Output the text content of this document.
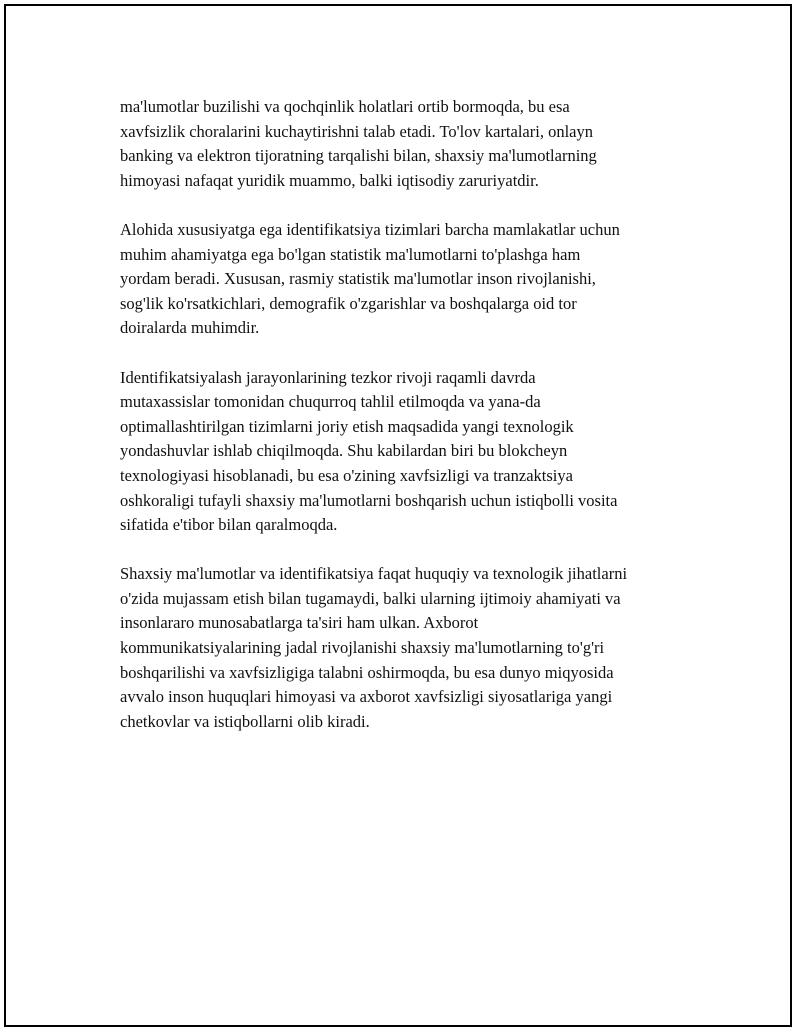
ma'lumotlar buzilishi va qochqinlik holatlari ortib bormoqda, bu esa
xavfsizlik choralarini kuchaytirishni talab etadi. To'lov kartalari, onlayn
banking va elektron tijoratning tarqalishi bilan, shaxsiy ma'lumotlarning
himoyasi nafaqat yuridik muammo, balki iqtisodiy zaruriyatdir.

Alohida xususiyatga ega identifikatsiya tizimlari barcha mamlakatlar uchun
muhim ahamiyatga ega bo'lgan statistik ma'lumotlarni to'plashga ham
yordam beradi. Xususan, rasmiy statistik ma'lumotlar inson rivojlanishi,
sog'lik ko'rsatkichlari, demografik o'zgarishlar va boshqalarga oid tor
doiralarda muhimdir.

Identifikatsiyalash jarayonlarining tezkor rivoji raqamli davrda
mutaxassislar tomonidan chuqurroq tahlil etilmoqda va yana-da
optimallashtirilgan tizimlarni joriy etish maqsadida yangi texnologik
yondashuvlar ishlab chiqilmoqda. Shu kabilardan biri bu blokcheyn
texnologiyasi hisoblanadi, bu esa o'zining xavfsizligi va tranzaktsiya
oshkoraligi tufayli shaxsiy ma'lumotlarni boshqarish uchun istiqbolli vosita
sifatida e'tibor bilan qaralmoqda.

Shaxsiy ma'lumotlar va identifikatsiya faqat huquqiy va texnologik jihatlarni
o'zida mujassam etish bilan tugamaydi, balki ularning ijtimoiy ahamiyati va
insonlararo munosabatlarga ta'siri ham ulkan. Axborot
kommunikatsiyalarining jadal rivojlanishi shaxsiy ma'lumotlarning to'g'ri
boshqarilishi va xavfsizligiga talabni oshirmoqda, bu esa dunyo miqyosida
avvalo inson huquqlari himoyasi va axborot xavfsizligi siyosatlariga yangi
chetkovlar va istiqbollarni olib kiradi.
